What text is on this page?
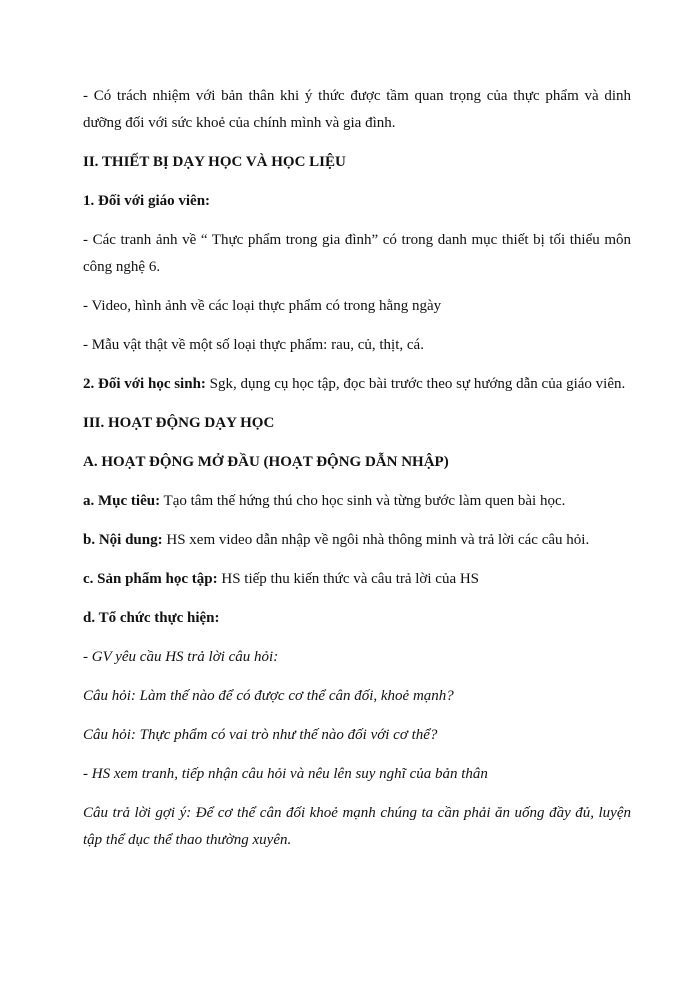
- Có trách nhiệm với bản thân khi ý thức được tầm quan trọng của thực phẩm và dinh dưỡng đối với sức khoẻ của chính mình và gia đình.

II. THIẾT BỊ DẠY HỌC VÀ HỌC LIỆU

1. Đối với giáo viên:

- Các tranh ảnh về “ Thực phẩm trong gia đình” có trong danh mục thiết bị tối thiểu môn công nghệ 6.

- Video, hình ảnh về các loại thực phẩm có trong hằng ngày

- Mẫu vật thật về một số loại thực phẩm: rau, củ, thịt, cá.

2. Đối với học sinh: Sgk, dụng cụ học tập, đọc bài trước theo sự hướng dẫn của giáo viên.

III. HOẠT ĐỘNG DẠY HỌC

A. HOẠT ĐỘNG MỞ ĐẦU (HOẠT ĐỘNG DẪN NHẬP)

a. Mục tiêu: Tạo tâm thế hứng thú cho học sinh và từng bước làm quen bài học.

b. Nội dung: HS xem video dẫn nhập về ngôi nhà thông minh và trả lời các câu hỏi.

c. Sản phẩm học tập: HS tiếp thu kiến thức và câu trả lời của HS

d. Tổ chức thực hiện:

- GV yêu cầu HS trả lời câu hỏi:

Câu hỏi: Làm thế nào để có được cơ thể cân đối, khoẻ mạnh?

Câu hỏi: Thực phẩm có vai trò như thế nào đối với cơ thể?

- HS xem tranh, tiếp nhận câu hỏi và nêu lên suy nghĩ của bản thân

Câu trả lời gợi ý: Để cơ thể cân đối khoẻ mạnh chúng ta cần phải ăn uống đầy đủ, luyện tập thể dục thể thao thường xuyên.
